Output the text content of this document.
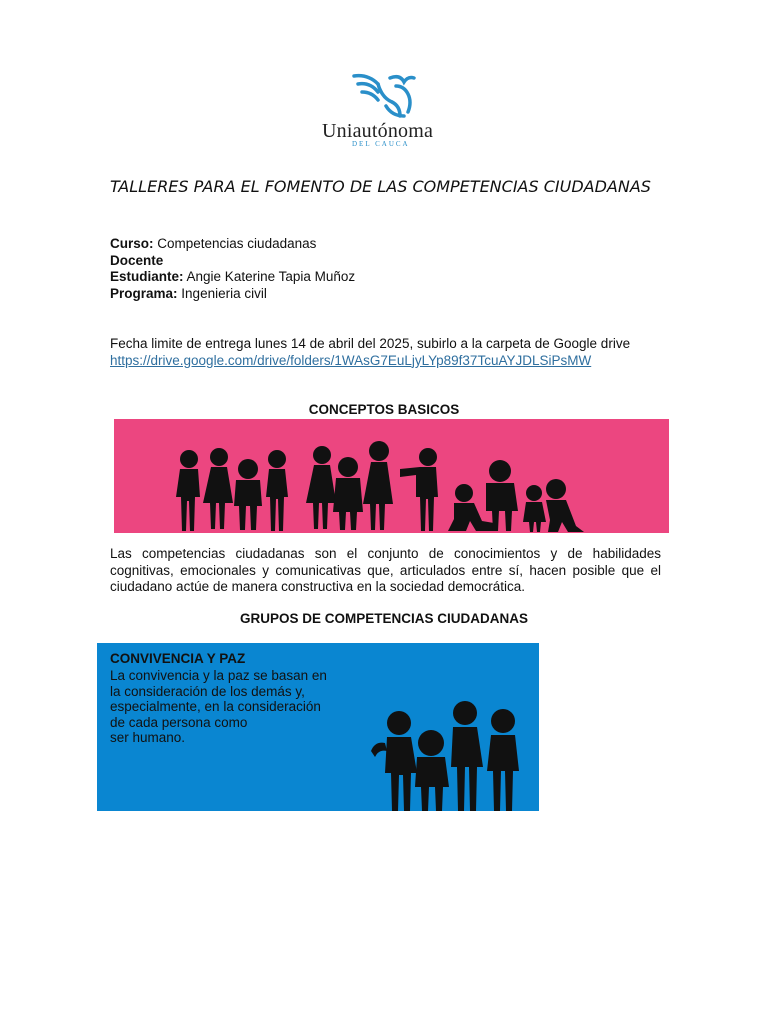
Uniautónoma
DEL CAUCA
TALLERES PARA EL FOMENTO DE LAS COMPETENCIAS CIUDADANAS
Curso: Competencias ciudadanas
Docente
Estudiante: Angie Katerine Tapia Muñoz
Programa: Ingenieria civil
Fecha limite de entrega lunes 14 de abril del 2025, subirlo a la carpeta de Google drive
https://drive.google.com/drive/folders/1WAsG7EuLjyLYp89f37TcuAYJDLSiPsMW
CONCEPTOS BASICOS
Las competencias ciudadanas son el conjunto de conocimientos y de habilidades cognitivas, emocionales y comunicativas que, articulados entre sí, hacen posible que el ciudadano actúe de manera constructiva en la sociedad democrática.
GRUPOS DE COMPETENCIAS CIUDADANAS
CONVIVENCIA Y PAZ
La convivencia y la paz se basan en
la consideración de los demás y,
especialmente, en la consideración
de cada persona como
ser humano.
